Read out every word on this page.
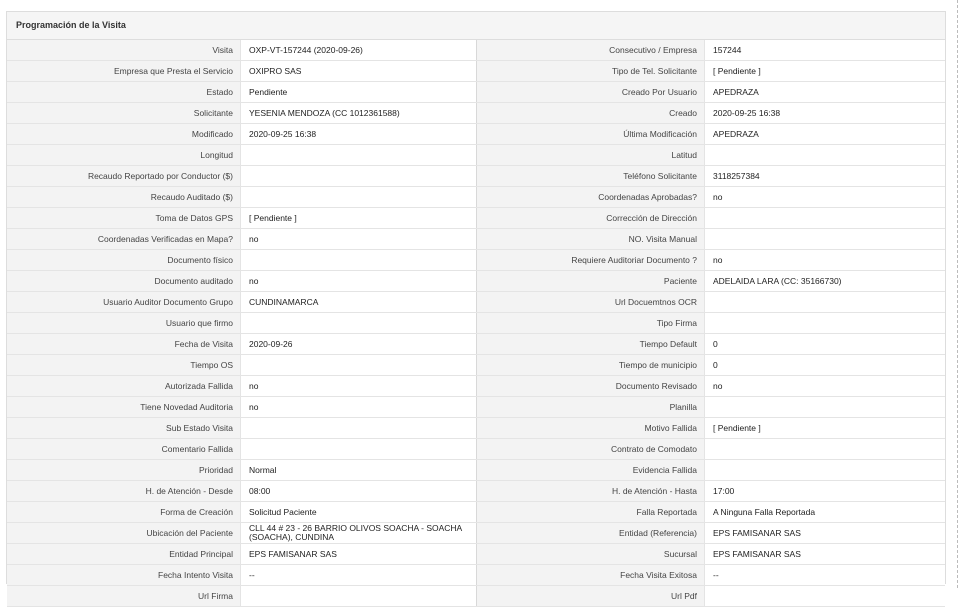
Programación de la Visita
Visita	OXP-VT-157244 (2020-09-26)	Consecutivo / Empresa	157244
Empresa que Presta el Servicio	OXIPRO SAS	Tipo de Tel. Solicitante	[ Pendiente ]
Estado	Pendiente	Creado Por Usuario	APEDRAZA
Solicitante	YESENIA MENDOZA (CC 1012361588)	Creado	2020-09-25 16:38
Modificado	2020-09-25 16:38	Última Modificación	APEDRAZA
Longitud		Latitud	
Recaudo Reportado por Conductor ($)		Teléfono Solicitante	3118257384
Recaudo Auditado ($)		Coordenadas Aprobadas?	no
Toma de Datos GPS	[ Pendiente ]	Corrección de Dirección	
Coordenadas Verificadas en Mapa?	no	NO. Visita Manual	
Documento físico		Requiere Auditoriar Documento ?	no
Documento auditado	no	Paciente	ADELAIDA LARA (CC: 35166730)
Usuario Auditor Documento Grupo	CUNDINAMARCA	Url Docuemtnos OCR	
Usuario que firmo		Tipo Firma	
Fecha de Visita	2020-09-26	Tiempo Default	0
Tiempo OS		Tiempo de municipio	0
Autorizada Fallida	no	Documento Revisado	no
Tiene Novedad Auditoria	no	Planilla	
Sub Estado Visita		Motivo Fallida	[ Pendiente ]
Comentario Fallida		Contrato de Comodato	
Prioridad	Normal	Evidencia Fallida	
H. de Atención - Desde	08:00	H. de Atención - Hasta	17:00
Forma de Creación	Solicitud Paciente	Falla Reportada	A Ninguna Falla Reportada
Ubicación del Paciente	CLL 44 # 23 - 26 BARRIO OLIVOS SOACHA - SOACHA (SOACHA), CUNDINA	Entidad (Referencia)	EPS FAMISANAR SAS
Entidad Principal	EPS FAMISANAR SAS	Sucursal	EPS FAMISANAR SAS
Fecha Intento Visita	--	Fecha Visita Exitosa	--
Url Firma		Url Pdf	
